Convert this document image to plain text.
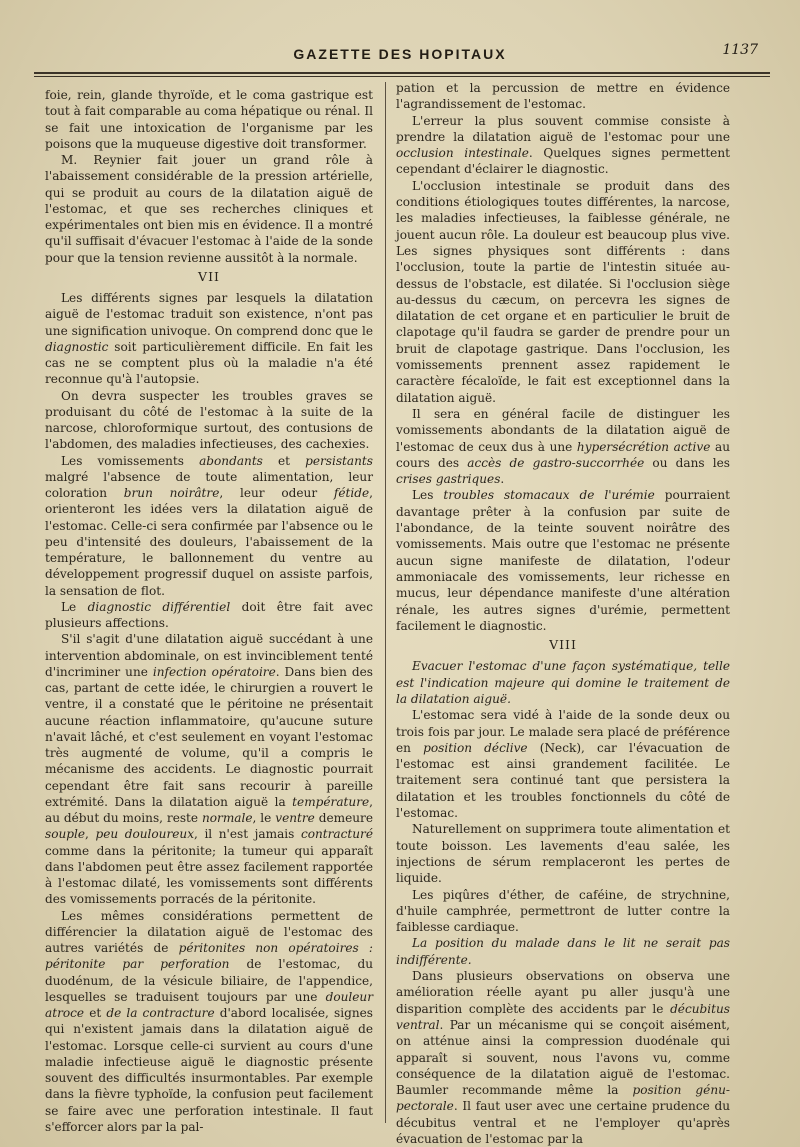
GAZETTE DES HOPITAUX	1137

foie, rein, glande thyroïde, et le coma gastrique est tout à fait comparable au coma hépatique ou rénal. Il se fait une intoxication de l'organisme par les poisons que la muqueuse digestive doit transformer.

M. Reynier fait jouer un grand rôle à l'abaissement considérable de la pression artérielle, qui se produit au cours de la dilatation aiguë de l'estomac, et que ses recherches cliniques et expérimentales ont bien mis en évidence. Il a montré qu'il suffisait d'évacuer l'estomac à l'aide de la sonde pour que la tension revienne aussitôt à la normale.

VII

Les différents signes par lesquels la dilatation aiguë de l'estomac traduit son existence, n'ont pas une signification univoque. On comprend donc que le diagnostic soit particulièrement difficile. En fait les cas ne se comptent plus où la maladie n'a été reconnue qu'à l'autopsie.

On devra suspecter les troubles graves se produisant du côté de l'estomac à la suite de la narcose, chloroformique surtout, des contusions de l'abdomen, des maladies infectieuses, des cachexies.

Les vomissements abondants et persistants malgré l'absence de toute alimentation, leur coloration brun noirâtre, leur odeur fétide, orienteront les idées vers la dilatation aiguë de l'estomac. Celle-ci sera confirmée par l'absence ou le peu d'intensité des douleurs, l'abaissement de la température, le ballonnement du ventre au développement progressif duquel on assiste parfois, la sensation de flot.

Le diagnostic différentiel doit être fait avec plusieurs affections.

S'il s'agit d'une dilatation aiguë succédant à une intervention abdominale, on est invinciblement tenté d'incriminer une infection opératoire. Dans bien des cas, partant de cette idée, le chirurgien a rouvert le ventre, il a constaté que le péritoine ne présentait aucune réaction inflammatoire, qu'aucune suture n'avait lâché, et c'est seulement en voyant l'estomac très augmenté de volume, qu'il a compris le mécanisme des accidents. Le diagnostic pourrait cependant être fait sans recourir à pareille extrémité. Dans la dilatation aiguë la température, au début du moins, reste normale, le ventre demeure souple, peu douloureux, il n'est jamais contracturé comme dans la péritonite; la tumeur qui apparaît dans l'abdomen peut être assez facilement rapportée à l'estomac dilaté, les vomissements sont différents des vomissements porracés de la péritonite.

Les mêmes considérations permettent de différencier la dilatation aiguë de l'estomac des autres variétés de péritonites non opératoires : péritonite par perforation de l'estomac, du duodénum, de la vésicule biliaire, de l'appendice, lesquelles se traduisent toujours par une douleur atroce et de la contracture d'abord localisée, signes qui n'existent jamais dans la dilatation aiguë de l'estomac. Lorsque celle-ci survient au cours d'une maladie infectieuse aiguë le diagnostic présente souvent des difficultés insurmontables. Par exemple dans la fièvre typhoïde, la confusion peut facilement se faire avec une perforation intestinale. Il faut s'efforcer alors par la pal-

pation et la percussion de mettre en évidence l'agrandissement de l'estomac.

L'erreur la plus souvent commise consiste à prendre la dilatation aiguë de l'estomac pour une occlusion intestinale. Quelques signes permettent cependant d'éclairer le diagnostic.

L'occlusion intestinale se produit dans des conditions étiologiques toutes différentes, la narcose, les maladies infectieuses, la faiblesse générale, ne jouent aucun rôle. La douleur est beaucoup plus vive. Les signes physiques sont différents : dans l'occlusion, toute la partie de l'intestin située au-dessus de l'obstacle, est dilatée. Si l'occlusion siège au-dessus du cæcum, on percevra les signes de dilatation de cet organe et en particulier le bruit de clapotage qu'il faudra se garder de prendre pour un bruit de clapotage gastrique. Dans l'occlusion, les vomissements prennent assez rapidement le caractère fécaloïde, le fait est exceptionnel dans la dilatation aiguë.

Il sera en général facile de distinguer les vomissements abondants de la dilatation aiguë de l'estomac de ceux dus à une hypersécrétion active au cours des accès de gastro-succorrhée ou dans les crises gastriques.

Les troubles stomacaux de l'urémie pourraient davantage prêter à la confusion par suite de l'abondance, de la teinte souvent noirâtre des vomissements. Mais outre que l'estomac ne présente aucun signe manifeste de dilatation, l'odeur ammoniacale des vomissements, leur richesse en mucus, leur dépendance manifeste d'une altération rénale, les autres signes d'urémie, permettent facilement le diagnostic.

VIII

Evacuer l'estomac d'une façon systématique, telle est l'indication majeure qui domine le traitement de la dilatation aiguë.

L'estomac sera vidé à l'aide de la sonde deux ou trois fois par jour. Le malade sera placé de préférence en position déclive (Neck), car l'évacuation de l'estomac est ainsi grandement facilitée. Le traitement sera continué tant que persistera la dilatation et les troubles fonctionnels du côté de l'estomac.

Naturellement on supprimera toute alimentation et toute boisson. Les lavements d'eau salée, les injections de sérum remplaceront les pertes de liquide.

Les piqûres d'éther, de caféine, de strychnine, d'huile camphrée, permettront de lutter contre la faiblesse cardiaque.

La position du malade dans le lit ne serait pas indifférente.

Dans plusieurs observations on observa une amélioration réelle ayant pu aller jusqu'à une disparition complète des accidents par le décubitus ventral. Par un mécanisme qui se conçoit aisément, on atténue ainsi la compression duodénale qui apparaît si souvent, nous l'avons vu, comme conséquence de la dilatation aiguë de l'estomac. Baumler recommande même la position génu-pectorale. Il faut user avec une certaine prudence du décubitus ventral et ne l'employer qu'après évacuation de l'estomac par la
